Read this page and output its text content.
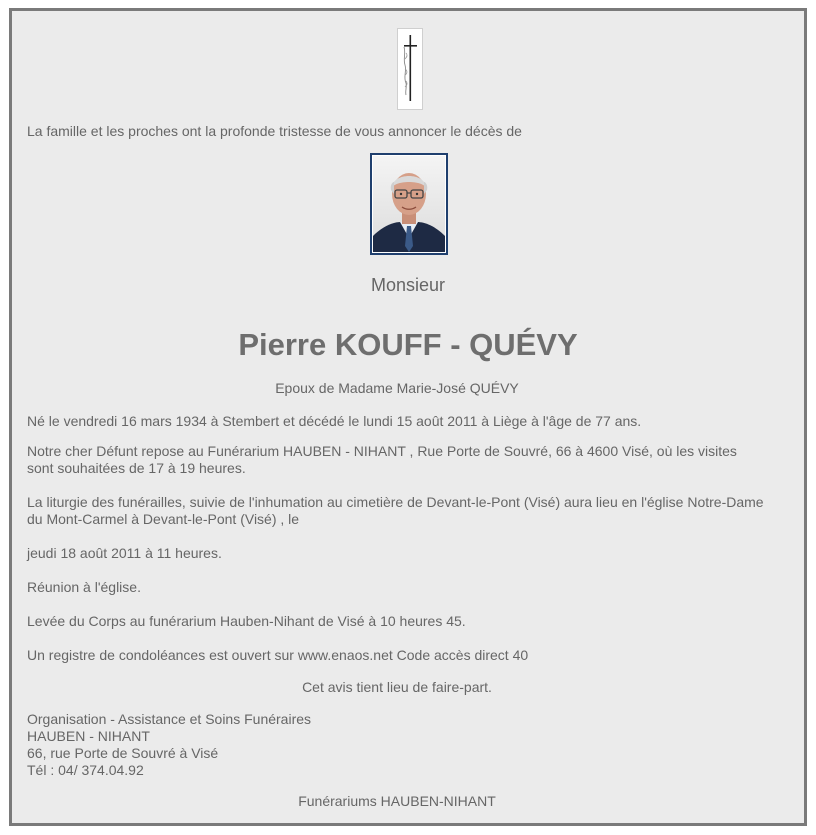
La famille et les proches ont la profonde tristesse de vous annoncer le décès de

Monsieur
Pierre KOUFF - QUÉVY

Epoux de Madame Marie-José QUÉVY

Né le vendredi 16 mars 1934 à Stembert et décédé le lundi 15 août 2011 à Liège à l'âge de 77 ans.

Notre cher Défunt repose au Funérarium HAUBEN - NIHANT , Rue Porte de Souvré, 66 à 4600 Visé, où les visites sont souhaitées de 17 à 19 heures.

La liturgie des funérailles, suivie de l'inhumation au cimetière de Devant-le-Pont (Visé) aura lieu en l'église Notre-Dame du Mont-Carmel à Devant-le-Pont (Visé) , le

jeudi 18 août 2011 à 11 heures.

Réunion à l'église.

Levée du Corps au funérarium Hauben-Nihant de Visé à 10 heures 45.

Un registre de condoléances est ouvert sur www.enaos.net Code accès direct 40

Cet avis tient lieu de faire-part.

Organisation - Assistance et Soins Funéraires

HAUBEN - NIHANT

66, rue Porte de Souvré à Visé

Tél : 04/ 374.04.92

Funérariums HAUBEN-NIHANT
